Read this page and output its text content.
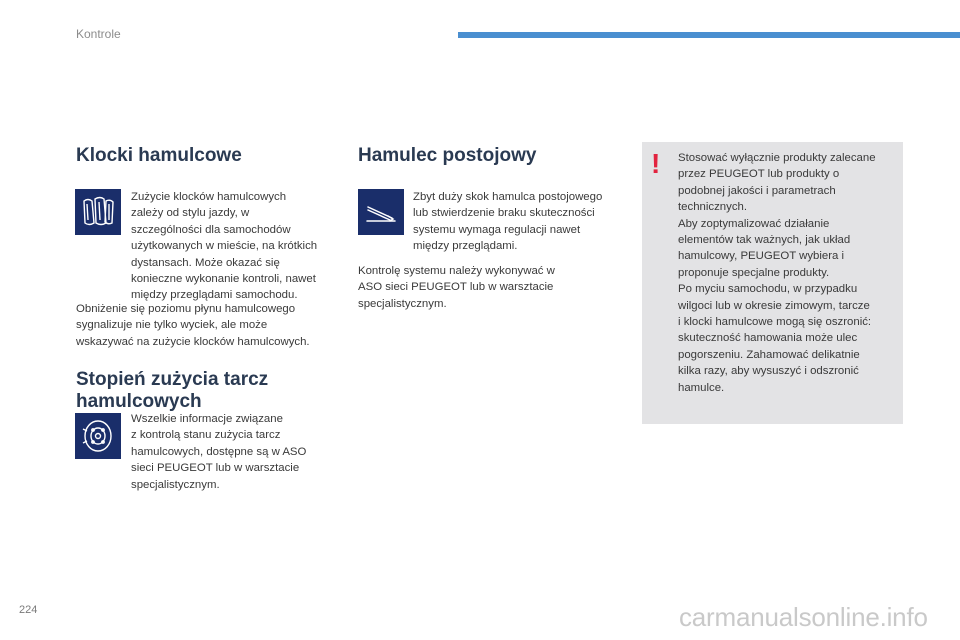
Kontrole
Klocki hamulcowe

Zużycie klocków hamulcowych

zależy od stylu jazdy, w

szczególności dla samochodów

użytkowanych w mieście, na krótkich

dystansach. Może okazać się

konieczne wykonanie kontroli, nawet

między przeglądami samochodu.

Obniżenie się poziomu płynu hamulcowego

sygnalizuje nie tylko wyciek, ale może

wskazywać na zużycie klocków hamulcowych.

Stopień zużycia tarcz
hamulcowych

Wszelkie informacje związane

z kontrolą stanu zużycia tarcz

hamulcowych, dostępne są w ASO

sieci PEUGEOT lub w warsztacie

specjalistycznym.

Hamulec postojowy

Zbyt duży skok hamulca postojowego

lub stwierdzenie braku skuteczności

systemu wymaga regulacji nawet

między przeglądami.

Kontrolę systemu należy wykonywać w

ASO sieci PEUGEOT lub w warsztacie

specjalistycznym.

! Stosować wyłącznie produkty zalecane

przez PEUGEOT lub produkty o

podobnej jakości i parametrach

technicznych.

Aby zoptymalizować działanie

elementów tak ważnych, jak układ

hamulcowy, PEUGEOT wybiera i

proponuje specjalne produkty.

Po myciu samochodu, w przypadku

wilgoci lub w okresie zimowym, tarcze

i klocki hamulcowe mogą się oszronić:

skuteczność hamowania może ulec

pogorszeniu. Zahamować delikatnie

kilka razy, aby wysuszyć i odszronić

hamulce.

224	carmanualsonline.info
